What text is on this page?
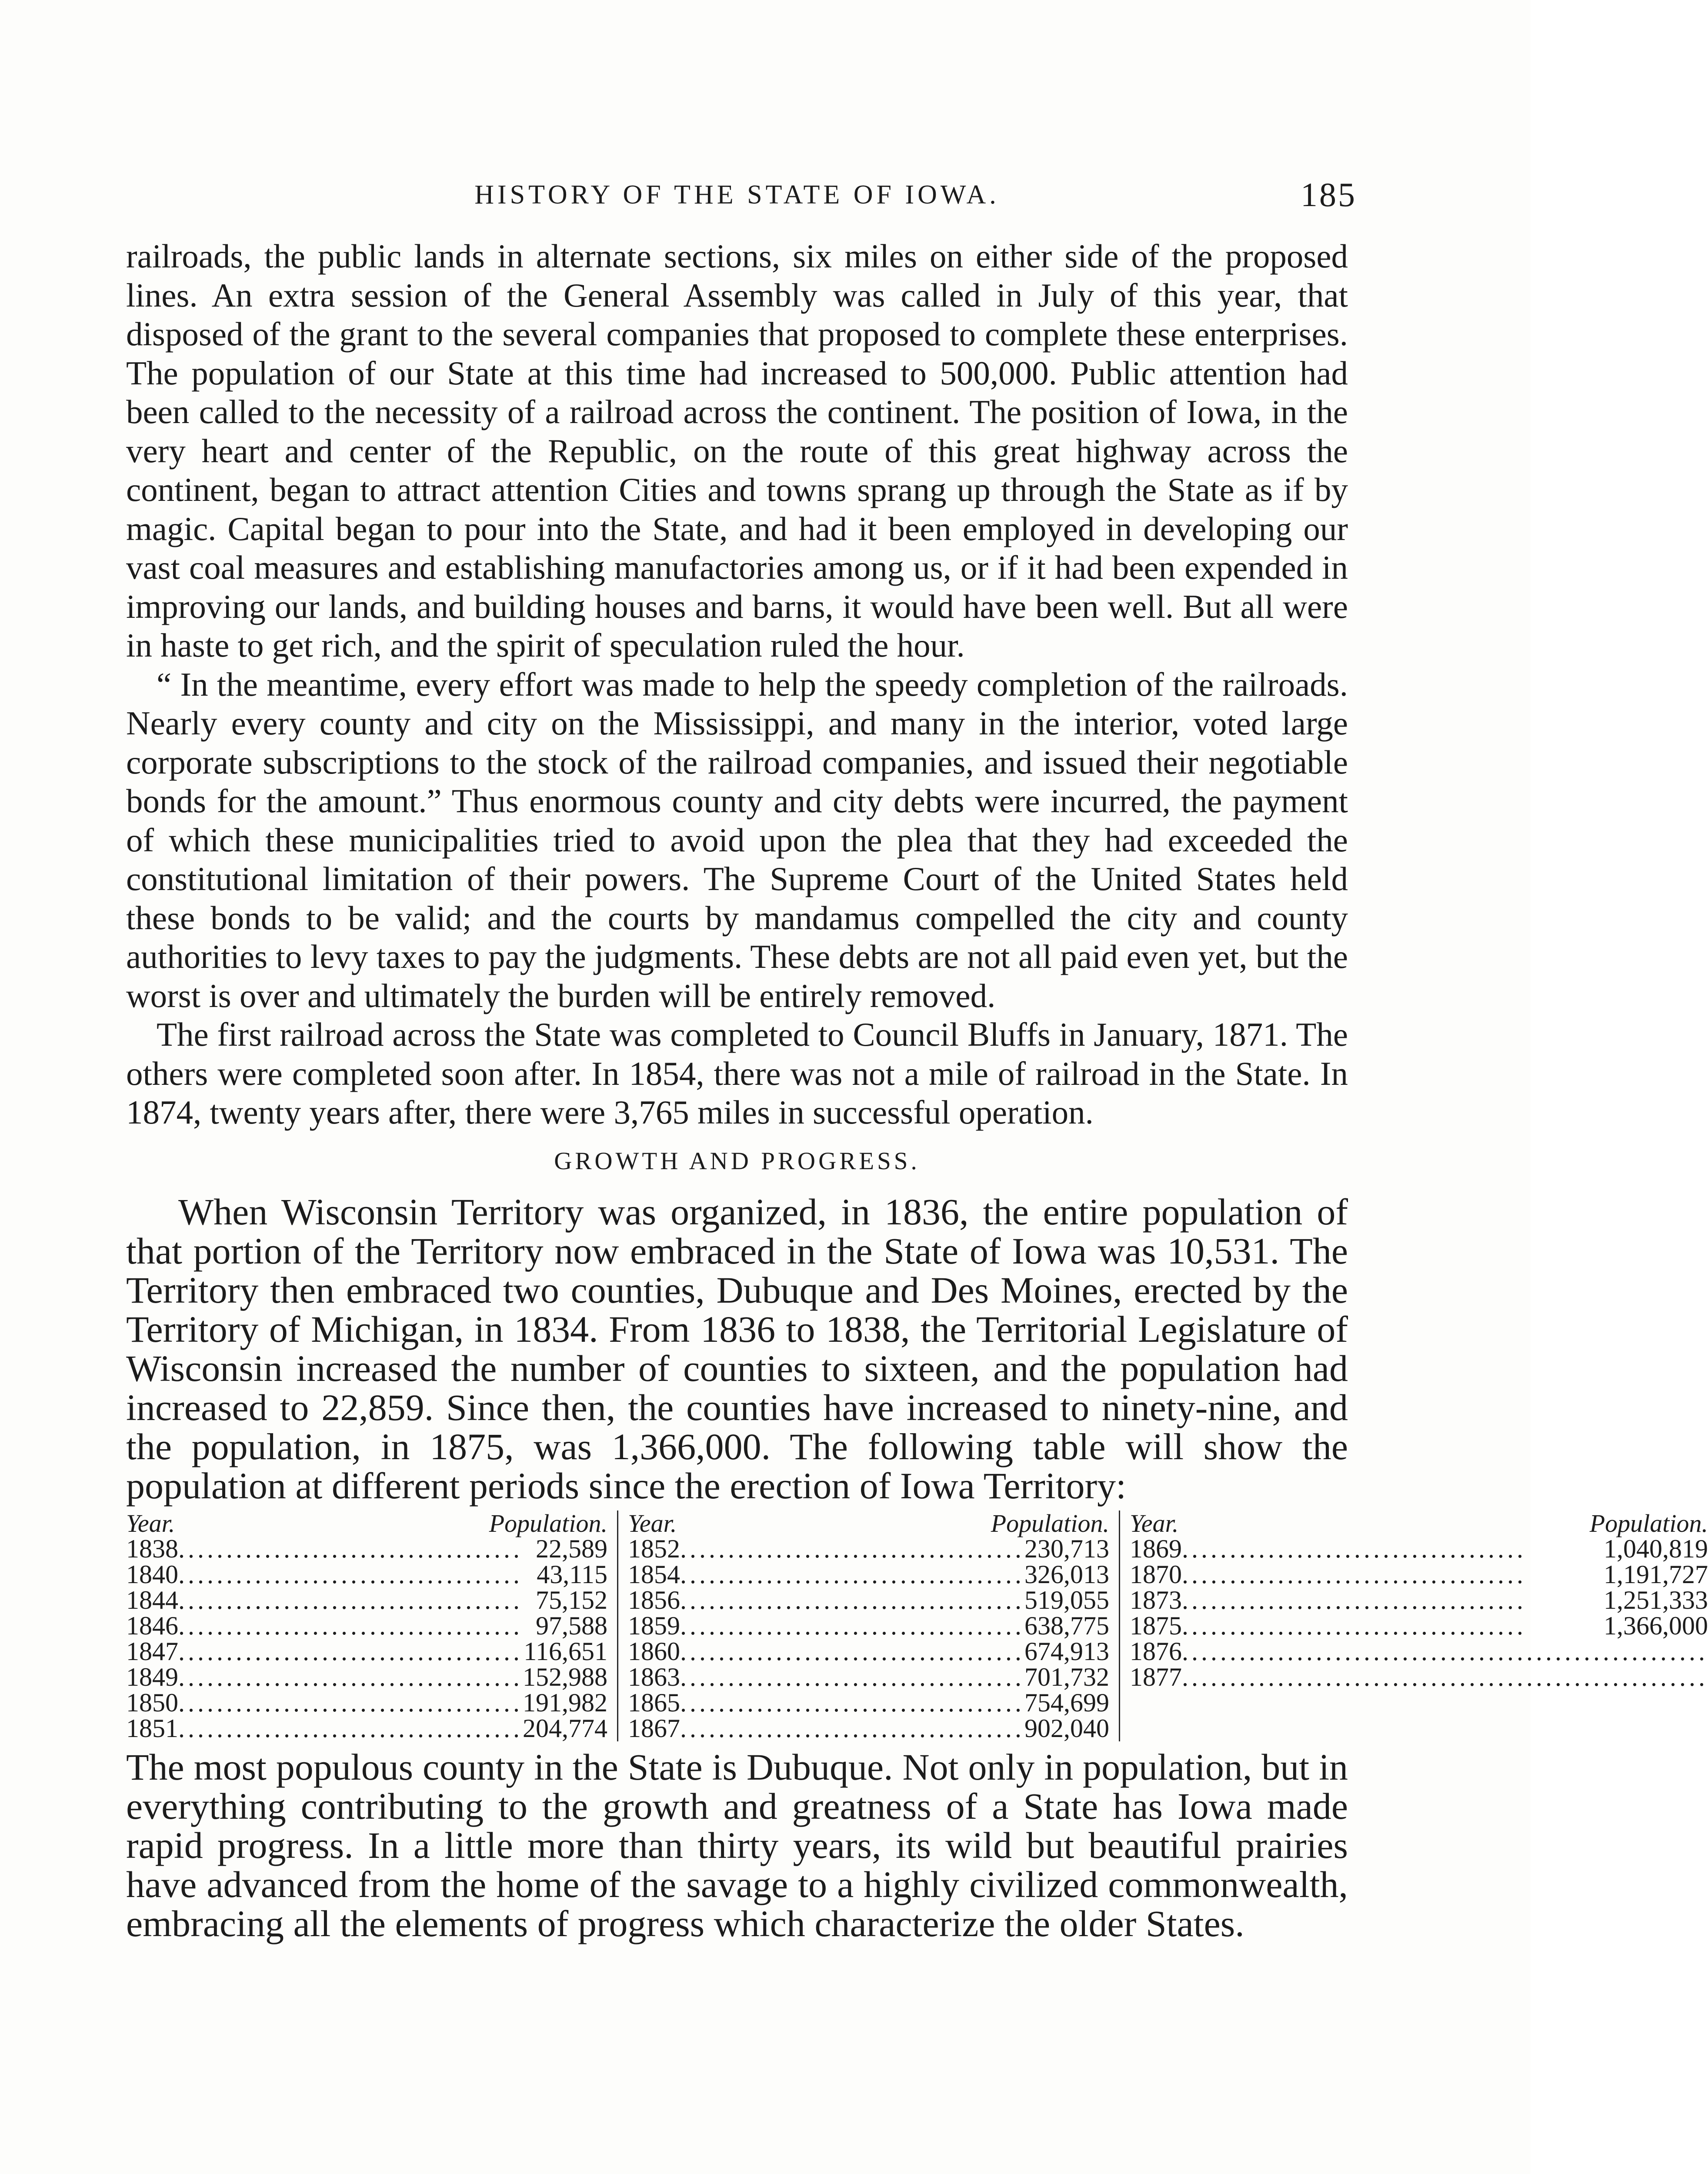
HISTORY OF THE STATE OF IOWA.	185

railroads, the public lands in alternate sections, six miles on either side of the proposed lines. An extra session of the General Assembly was called in July of this year, that disposed of the grant to the several companies that proposed to complete these enterprises. The population of our State at this time had increased to 500,000. Public attention had been called to the necessity of a railroad across the continent. The position of Iowa, in the very heart and center of the Republic, on the route of this great highway across the continent, began to attract attention Cities and towns sprang up through the State as if by magic. Capital began to pour into the State, and had it been employed in developing our vast coal measures and establishing manufactories among us, or if it had been expended in improving our lands, and building houses and barns, it would have been well. But all were in haste to get rich, and the spirit of speculation ruled the hour.

“ In the meantime, every effort was made to help the speedy completion of the railroads. Nearly every county and city on the Mississippi, and many in the interior, voted large corporate subscriptions to the stock of the railroad companies, and issued their negotiable bonds for the amount.” Thus enormous county and city debts were incurred, the payment of which these municipalities tried to avoid upon the plea that they had exceeded the constitutional limitation of their powers. The Supreme Court of the United States held these bonds to be valid; and the courts by mandamus compelled the city and county authorities to levy taxes to pay the judgments. These debts are not all paid even yet, but the worst is over and ultimately the burden will be entirely removed.

The first railroad across the State was completed to Council Bluffs in January, 1871. The others were completed soon after. In 1854, there was not a mile of railroad in the State. In 1874, twenty years after, there were 3,765 miles in successful operation.

GROWTH AND PROGRESS.

When Wisconsin Territory was organized, in 1836, the entire population of that portion of the Territory now embraced in the State of Iowa was 10,531. The Territory then embraced two counties, Dubuque and Des Moines, erected by the Territory of Michigan, in 1834. From 1836 to 1838, the Territorial Legislature of Wisconsin increased the number of counties to sixteen, and the population had increased to 22,859. Since then, the counties have increased to ninety-nine, and the population, in 1875, was 1,366,000. The following table will show the population at different periods since the erection of Iowa Territory:

Year.	Population.
1838 .................................... 22,589
1840 .................................... 43,115
1844 .................................... 75,152
1846 .................................... 97,588
1847 .................................... 116,651
1849 .................................... 152,988
1850 .................................... 191,982
1851 .................................... 204,774
Year.	Population.
1852 .................................... 230,713
1854 .................................... 326,013
1856 .................................... 519,055
1859 .................................... 638,775
1860 .................................... 674,913
1863 .................................... 701,732
1865 .................................... 754,699
1867 .................................... 902,040
Year.	Population.
1869 ....................................	1,040,819
1870 ....................................	1,191,727
1873 ....................................	1,251,333
1875 ....................................	1,366,000
1876 .......................................................
1877 .......................................................

The most populous county in the State is Dubuque. Not only in population, but in everything contributing to the growth and greatness of a State has Iowa made rapid progress. In a little more than thirty years, its wild but beautiful prairies have advanced from the home of the savage to a highly civilized commonwealth, embracing all the elements of progress which characterize the older States.
